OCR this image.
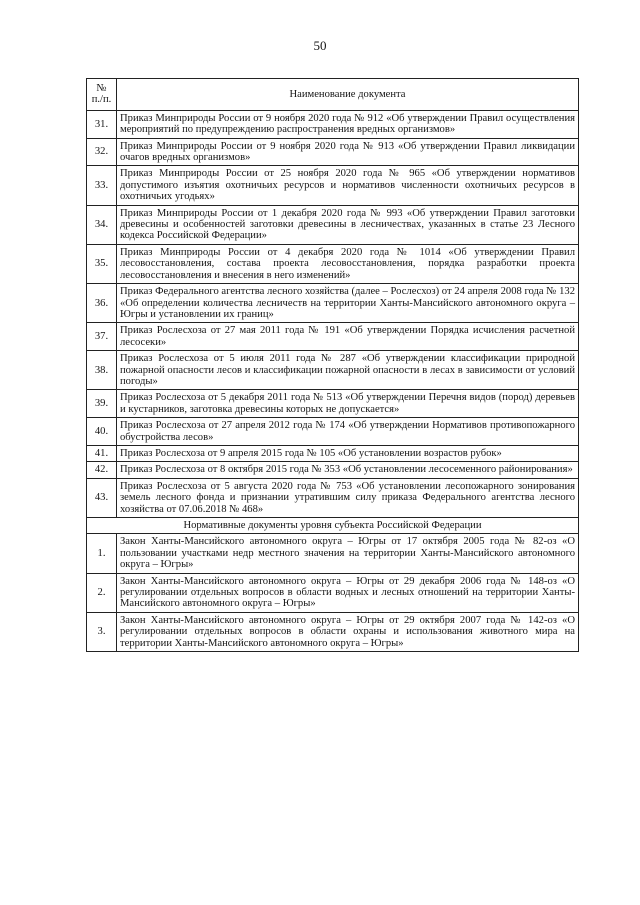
50
№ п./п.	Наименование документа
31.	Приказ Минприроды России от 9 ноября 2020 года № 912 «Об утверждении Правил осуществления мероприятий по предупреждению распространения вредных организмов»
32.	Приказ Минприроды России от 9 ноября 2020 года № 913 «Об утверждении Правил ликвидации очагов вредных организмов»
33.	Приказ Минприроды России от 25 ноября 2020 года № 965 «Об утверждении нормативов допустимого изъятия охотничьих ресурсов и нормативов численности охотничьих ресурсов в охотничьих угодьях»
34.	Приказ Минприроды России от 1 декабря 2020 года № 993 «Об утверждении Правил заготовки древесины и особенностей заготовки древесины в лесничествах, указанных в статье 23 Лесного кодекса Российской Федерации»
35.	Приказ Минприроды России от 4 декабря 2020 года № 1014 «Об утверждении Правил лесовосстановления, состава проекта лесовосстановления, порядка разработки проекта лесовосстановления и внесения в него изменений»
36.	Приказ Федерального агентства лесного хозяйства (далее – Рослесхоз) от 24 апреля 2008 года № 132 «Об определении количества лесничеств на территории Ханты-Мансийского автономного округа – Югры и установлении их границ»
37.	Приказ Рослесхоза от 27 мая 2011 года № 191 «Об утверждении Порядка исчисления расчетной лесосеки»
38.	Приказ Рослесхоза от 5 июля 2011 года № 287 «Об утверждении классификации природной пожарной опасности лесов и классификации пожарной опасности в лесах в зависимости от условий погоды»
39.	Приказ Рослесхоза от 5 декабря 2011 года № 513 «Об утверждении Перечня видов (пород) деревьев и кустарников, заготовка древесины которых не допускается»
40.	Приказ Рослесхоза от 27 апреля 2012 года № 174 «Об утверждении Нормативов противопожарного обустройства лесов»
41.	Приказ Рослесхоза от 9 апреля 2015 года № 105 «Об установлении возрастов рубок»
42.	Приказ Рослесхоза от 8 октября 2015 года № 353 «Об установлении лесосеменного районирования»
43.	Приказ Рослесхоза от 5 августа 2020 года № 753 «Об установлении лесопожарного зонирования земель лесного фонда и признании утратившим силу приказа Федерального агентства лесного хозяйства от 07.06.2018 № 468»
Нормативные документы уровня субъекта Российской Федерации	
1.	Закон Ханты-Мансийского автономного округа – Югры от 17 октября 2005 года № 82-оз «О пользовании участками недр местного значения на территории Ханты-Мансийского автономного округа – Югры»
2.	Закон Ханты-Мансийского автономного округа – Югры от 29 декабря 2006 года № 148-оз «О регулировании отдельных вопросов в области водных и лесных отношений на территории Ханты-Мансийского автономного округа – Югры»
3.	Закон Ханты-Мансийского автономного округа – Югры от 29 октября 2007 года № 142-оз «О регулировании отдельных вопросов в области охраны и использования животного мира на территории Ханты-Мансийского автономного округа – Югры»
